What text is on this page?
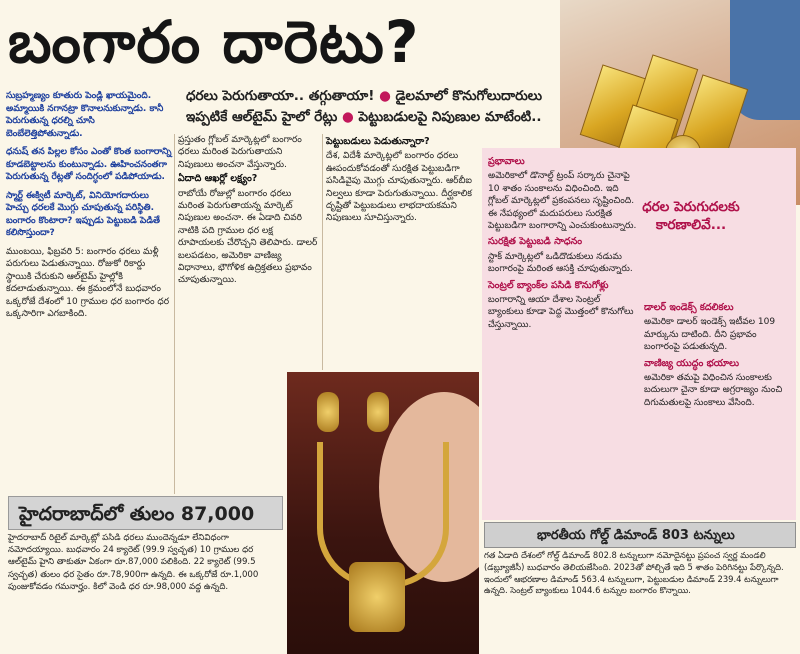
బంగారం దారెటు?
ధరలు పెరుగుతాయా.. తగ్గుతాయా! ● డైలమాలో కొనుగోలుదారులు
ఇప్పటికే ఆల్‌టైమ్ హైలో రేట్లు ● పెట్టుబడులపై నిపుణుల మాటేంటి..
సుబ్రహ్మణ్యం కూతురు పెండ్లి ఖాయమైంది. అమ్మాయికి నగానట్రా కొనాలనుకున్నాడు. కానీ పెరుగుతున్న ధరల్ని చూసి బెంబేలెత్తిపోతున్నాడు.
ధనుష్ తన పిల్లల కోసం ఎంతో కొంత బంగారాన్ని కూడబెట్టాలను కుంటున్నాడు. ఊహించనంతగా పెరుగుతున్న రేట్లతో సందిగ్ధంలో పడిపోయాడు.
స్మార్ట్ ఈక్విటీ మార్కెట్, వినియోగదారులు హెచ్చు ధరలకే మొగ్గు చూపుతున్న పరిస్థితి. బంగారం కొంటారా? ఇప్పుడు పెట్టుబడి పెడితే కలిసొస్తుందా?
ముంబయి, ఫిబ్రవరి 5: బంగారం ధరలు మళ్లీ పరుగులు పెడుతున్నాయి. రోజుకో రికార్డు స్థాయికి చేరుకుని ఆల్‌టైమ్ హైల్లోకి కదలాడుతున్నాయి. ఈ క్రమంలోనే బుధవారం ఒక్కరోజే దేశంలో 10 గ్రాముల ధర బంగారం ధర ఒక్కసారిగా ఎగబాకింది.
ప్రస్తుతం గ్లోబల్ మార్కెట్లలో బంగారం ధరలు మరింత పెరుగుతాయని నిపుణులు అంచనా వేస్తున్నారు.
ఏదాది ఆఖర్లో లక్ష్యం?
రాబోయే రోజుల్లో బంగారం ధరలు మరింత పెరుగుతాయన్న మార్కెట్ నిపుణుల అంచనా. ఈ ఏడాది చివరి నాటికి పది గ్రాముల ధర లక్ష రూపాయలకు చేరొచ్చని తెలిపారు. డాలర్ బలపడటం, అమెరికా వాణిజ్య విధానాలు, భౌగోళిక ఉద్రిక్తతలు ప్రభావం చూపుతున్నాయి.
పెట్టుబడులు పెడుతున్నారా?
దేశ, విదేశీ మార్కెట్లలో బంగారం ధరలు ఊపందుకోవడంతో సురక్షిత పెట్టుబడిగా పసిడివైపు మొగ్గు చూపుతున్నారు. ఆర్‌బీఐ నిల్వలు కూడా పెరుగుతున్నాయి. దీర్ఘకాలిక దృష్టితో పెట్టుబడులు లాభదాయకమని నిపుణులు సూచిస్తున్నారు.
హైదరాబాద్‌లో తులం 87,000
హైదరాబాద్ రిటైల్ మార్కెట్లో పసిడి ధరలు ముందెన్నడూ లేనివిధంగా నమోదయ్యాయి. బుధవారం 24 క్యారెట్ (99.9 స్వచ్ఛత) 10 గ్రాముల ధర ఆల్‌టైమ్ హైని తాకుతూ ఏకంగా రూ.87,000 పలికింది. 22 క్యారెట్ (99.5 స్వచ్ఛత) తులం ధర సైతం రూ.78,900గా ఉన్నది. ఈ ఒక్కరోజే రూ.1,000 పుంజుకోవడం గమనార్హం. కిలో వెండి ధర రూ.98,000 వద్ద ఉన్నది.
ప్రభావాలు
అమెరికాలో డొనాల్డ్ ట్రంప్ సర్కారు చైనాపై 10 శాతం సుంకాలను విధించింది. ఇది గ్లోబల్ మార్కెట్లలో ప్రకంపనలు సృష్టించింది. ఈ నేపథ్యంలో మదుపరులు సురక్షిత పెట్టుబడిగా బంగారాన్ని ఎంచుకుంటున్నారు.
సురక్షిత పెట్టుబడి సాధనం
స్టాక్ మార్కెట్లలో ఒడిదొడుకులు నడుమ బంగారంపై మరింత ఆసక్తి చూపుతున్నారు.
సెంట్రల్ బ్యాంక్‌ల పసిడి కొనుగోళ్లు
బంగారాన్ని ఆయా దేశాల సెంట్రల్ బ్యాంకులు కూడా పెద్ద మొత్తంలో కొనుగోలు చేస్తున్నాయి.
ధరల పెరుగుదలకు కారణాలివే...
డాలర్ ఇండెక్స్ కదలికలు
అమెరికా డాలర్ ఇండెక్స్ ఇటీవల 109 మార్కును దాటింది. దీని ప్రభావం బంగారంపై పడుతున్నది.
వాణిజ్య యుద్ధం భయాలు
అమెరికా తమపై విధించిన సుంకాలకు బదులుగా చైనా కూడా అగ్రరాజ్యం నుంచి దిగుమతులపై సుంకాలు వేసింది.
భారతీయ గోల్డ్ డిమాండ్ 803 టన్నులు
గత ఏడాది దేశంలో గోల్డ్ డిమాండ్ 802.8 టన్నులుగా నమోదైనట్టు ప్రపంచ స్వర్ణ మండలి (డబ్ల్యూజీసీ) బుధవారం తెలియజేసింది. 2023తో పోల్చితే ఇది 5 శాతం పెరిగినట్టు పేర్కొన్నది. ఇందులో ఆభరణాల డిమాండ్ 563.4 టన్నులుగా, పెట్టుబడుల డిమాండ్ 239.4 టన్నులుగా ఉన్నది. సెంట్రల్ బ్యాంకులు 1044.6 టన్నుల బంగారం కొన్నాయి.
